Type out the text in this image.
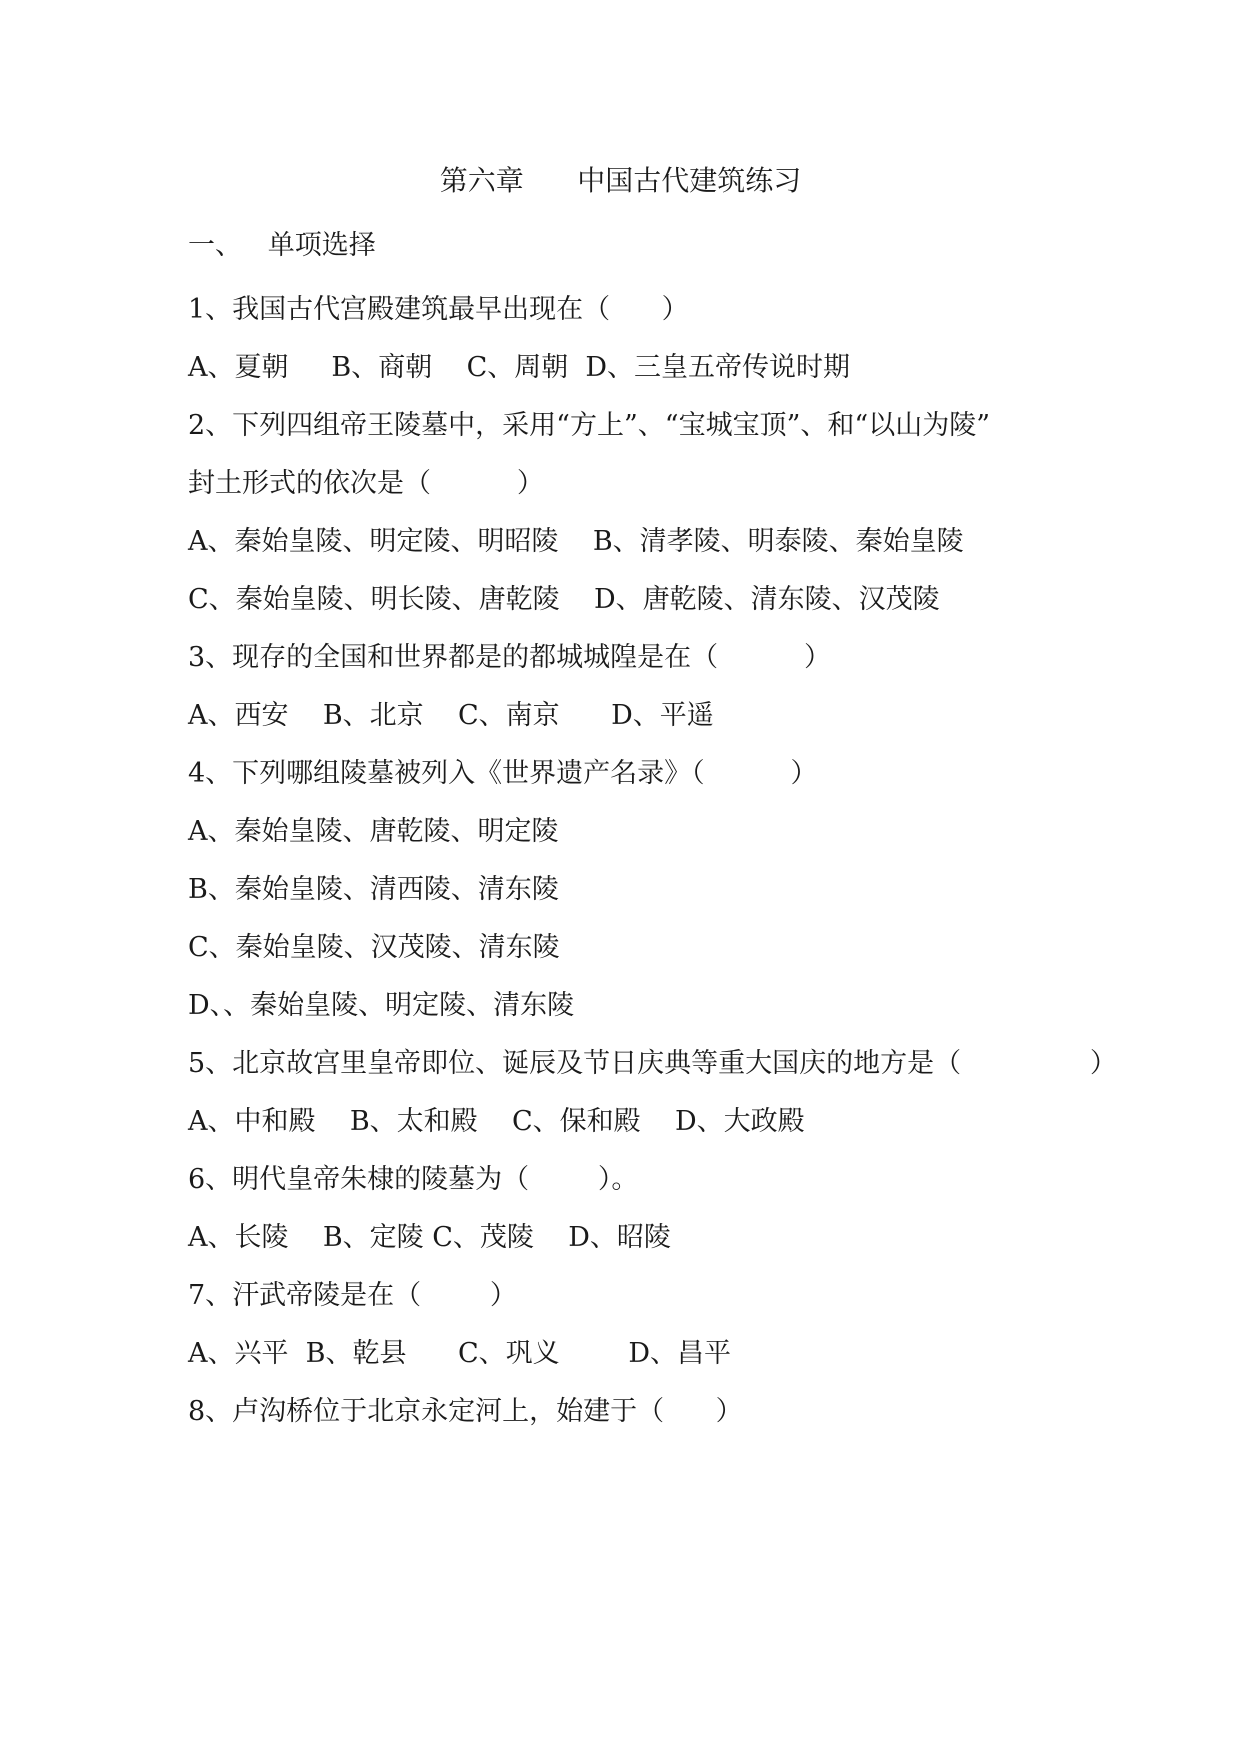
第六章      中国古代建筑练习
一、   单项选择
1、我国古代宫殿建筑最早出现在（      ）
A、夏朝     B、商朝    C、周朝  D、三皇五帝传说时期
2、下列四组帝王陵墓中，采用“方上”、“宝城宝顶”、和“以山为陵”
封土形式的依次是（          ）
A、秦始皇陵、明定陵、明昭陵    B、清孝陵、明泰陵、秦始皇陵
C、秦始皇陵、明长陵、唐乾陵    D、唐乾陵、清东陵、汉茂陵
3、现存的全国和世界都是的都城城隍是在（          ）
A、西安    B、北京    C、南京      D、平遥
4、下列哪组陵墓被列入《世界遗产名录》（          ）
A、秦始皇陵、唐乾陵、明定陵
B、秦始皇陵、清西陵、清东陵
C、秦始皇陵、汉茂陵、清东陵
D、、秦始皇陵、明定陵、清东陵
5、北京故宫里皇帝即位、诞辰及节日庆典等重大国庆的地方是（               ）
A、中和殿    B、太和殿    C、保和殿    D、大政殿
6、明代皇帝朱棣的陵墓为（        ）。
A、长陵    B、定陵 C、茂陵    D、昭陵
7、汗武帝陵是在（        ）
A、兴平  B、乾县      C、巩义        D、昌平
8、卢沟桥位于北京永定河上，始建于（      ）
